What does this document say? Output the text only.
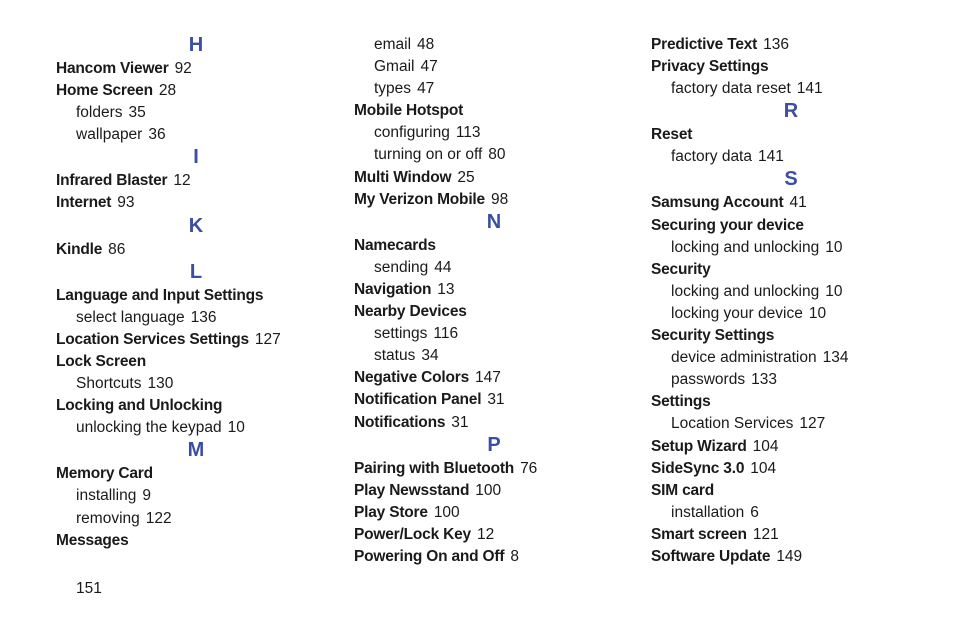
H
Hancom Viewer 92
Home Screen 28
folders 35
wallpaper 36
I
Infrared Blaster 12
Internet 93
K
Kindle 86
L
Language and Input Settings
select language 136
Location Services Settings 127
Lock Screen
Shortcuts 130
Locking and Unlocking
unlocking the keypad 10
M
Memory Card
installing 9
removing 122
Messages
email 48
Gmail 47
types 47
Mobile Hotspot
configuring 113
turning on or off 80
Multi Window 25
My Verizon Mobile 98
N
Namecards
sending 44
Navigation 13
Nearby Devices
settings 116
status 34
Negative Colors 147
Notification Panel 31
Notifications 31
P
Pairing with Bluetooth 76
Play Newsstand 100
Play Store 100
Power/Lock Key 12
Powering On and Off 8
Predictive Text 136
Privacy Settings
factory data reset 141
R
Reset
factory data 141
S
Samsung Account 41
Securing your device
locking and unlocking 10
Security
locking and unlocking 10
locking your device 10
Security Settings
device administration 134
passwords 133
Settings
Location Services 127
Setup Wizard 104
SideSync 3.0 104
SIM card
installation 6
Smart screen 121
Software Update 149
151
